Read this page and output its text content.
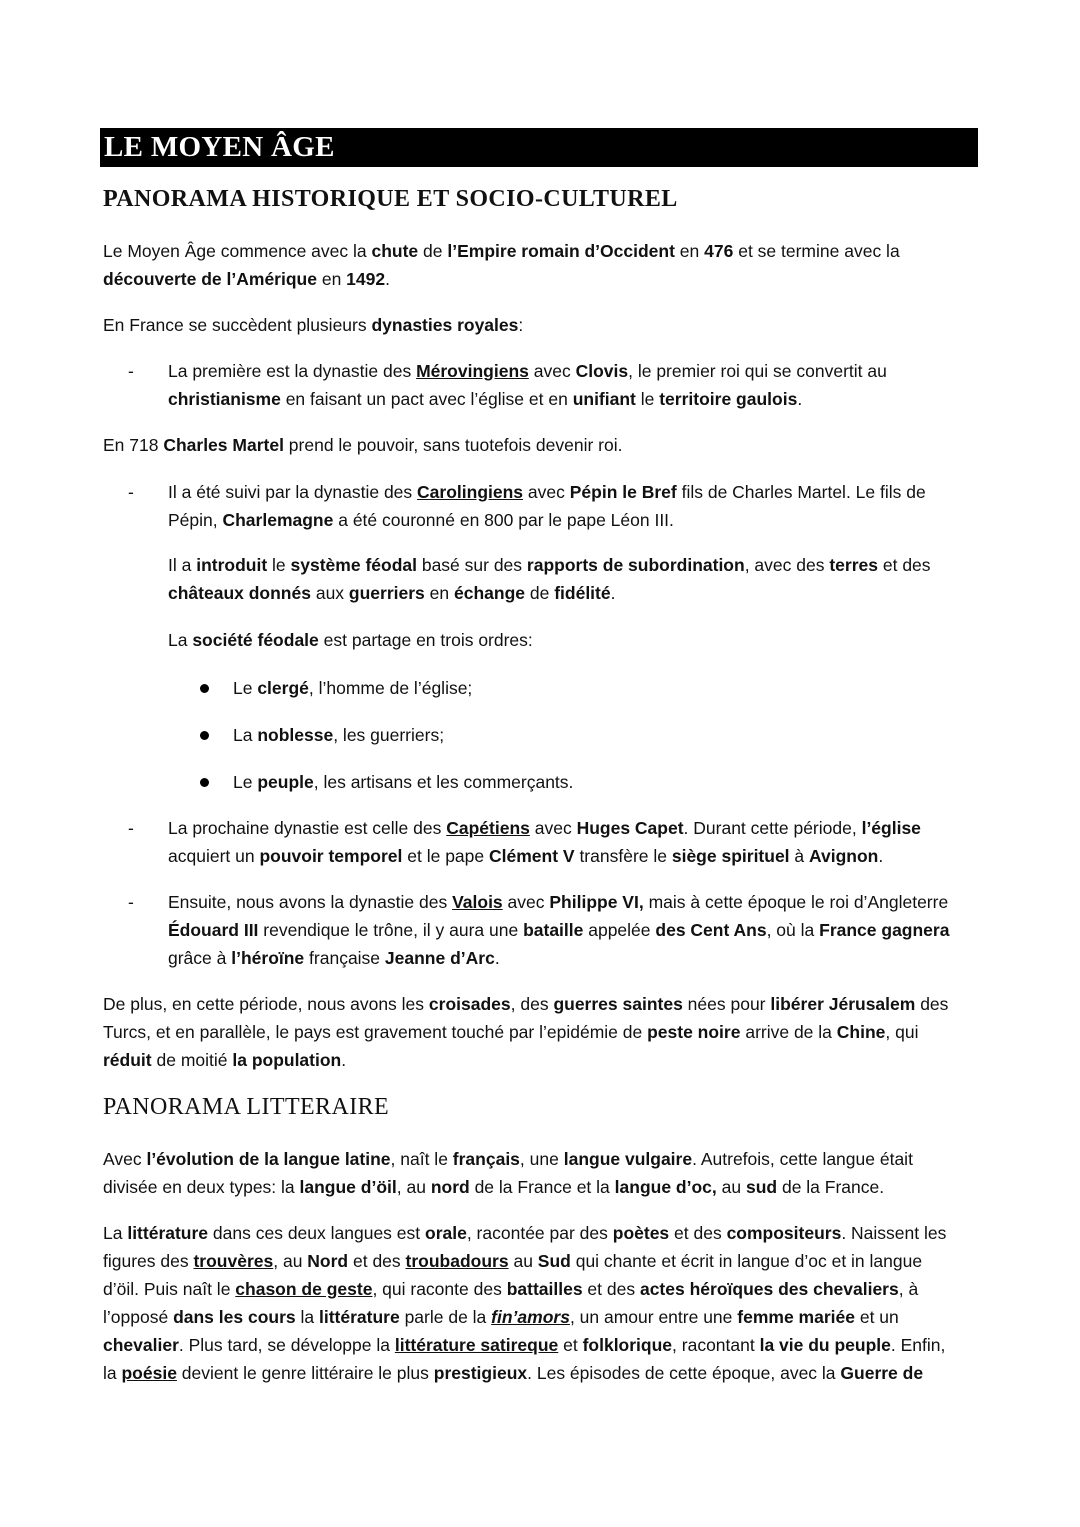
LE MOYEN ÂGE
PANORAMA HISTORIQUE ET SOCIO-CULTUREL
Le Moyen Âge commence avec la chute de l’Empire romain d’Occident en 476 et se termine avec la
découverte de l’Amérique en 1492.
En France se succèdent plusieurs dynasties royales:
- La première est la dynastie des Mérovingiens avec Clovis, le premier roi qui se convertit au
christianisme en faisant un pact avec l’église et en unifiant le territoire gaulois.
En 718 Charles Martel prend le pouvoir, sans tuotefois devenir roi.
- Il a été suivi par la dynastie des Carolingiens avec Pépin le Bref fils de Charles Martel. Le fils de
Pépin, Charlemagne a été couronné en 800 par le pape Léon III.
Il a introduit le système féodal basé sur des rapports de subordination, avec des terres et des
châteaux donnés aux guerriers en échange de fidélité.
La société féodale est partage en trois ordres:
Le clergé, l’homme de l’église;
La noblesse, les guerriers;
Le peuple, les artisans et les commerçants.
- La prochaine dynastie est celle des Capétiens avec Huges Capet. Durant cette période, l’église
acquiert un pouvoir temporel et le pape Clément V transfère le siège spirituel à Avignon.
- Ensuite, nous avons la dynastie des Valois avec Philippe VI, mais à cette époque le roi d’Angleterre
Édouard III revendique le trône, il y aura une bataille appelée des Cent Ans, où la France gagnera
grâce à l’héroïne française Jeanne d’Arc.
De plus, en cette période, nous avons les croisades, des guerres saintes nées pour libérer Jérusalem des
Turcs, et en parallèle, le pays est gravement touché par l’epidémie de peste noire arrive de la Chine, qui
réduit de moitié la population.
PANORAMA LITTERAIRE
Avec l’évolution de la langue latine, naît le français, une langue vulgaire. Autrefois, cette langue était
divisée en deux types: la langue d’öil, au nord de la France et la langue d’oc, au sud de la France.
La littérature dans ces deux langues est orale, racontée par des poètes et des compositeurs. Naissent les
figures des trouvères, au Nord et des troubadours au Sud qui chante et écrit in langue d’oc et in langue
d’öil. Puis naît le chason de geste, qui raconte des battailles et des actes héroïques des chevaliers, à
l’opposé dans les cours la littérature parle de la fin’amors, un amour entre une femme mariée et un
chevalier. Plus tard, se développe la littérature satireque et folklorique, racontant la vie du peuple. Enfin,
la poésie devient le genre littéraire le plus prestigieux. Les épisodes de cette époque, avec la Guerre de
